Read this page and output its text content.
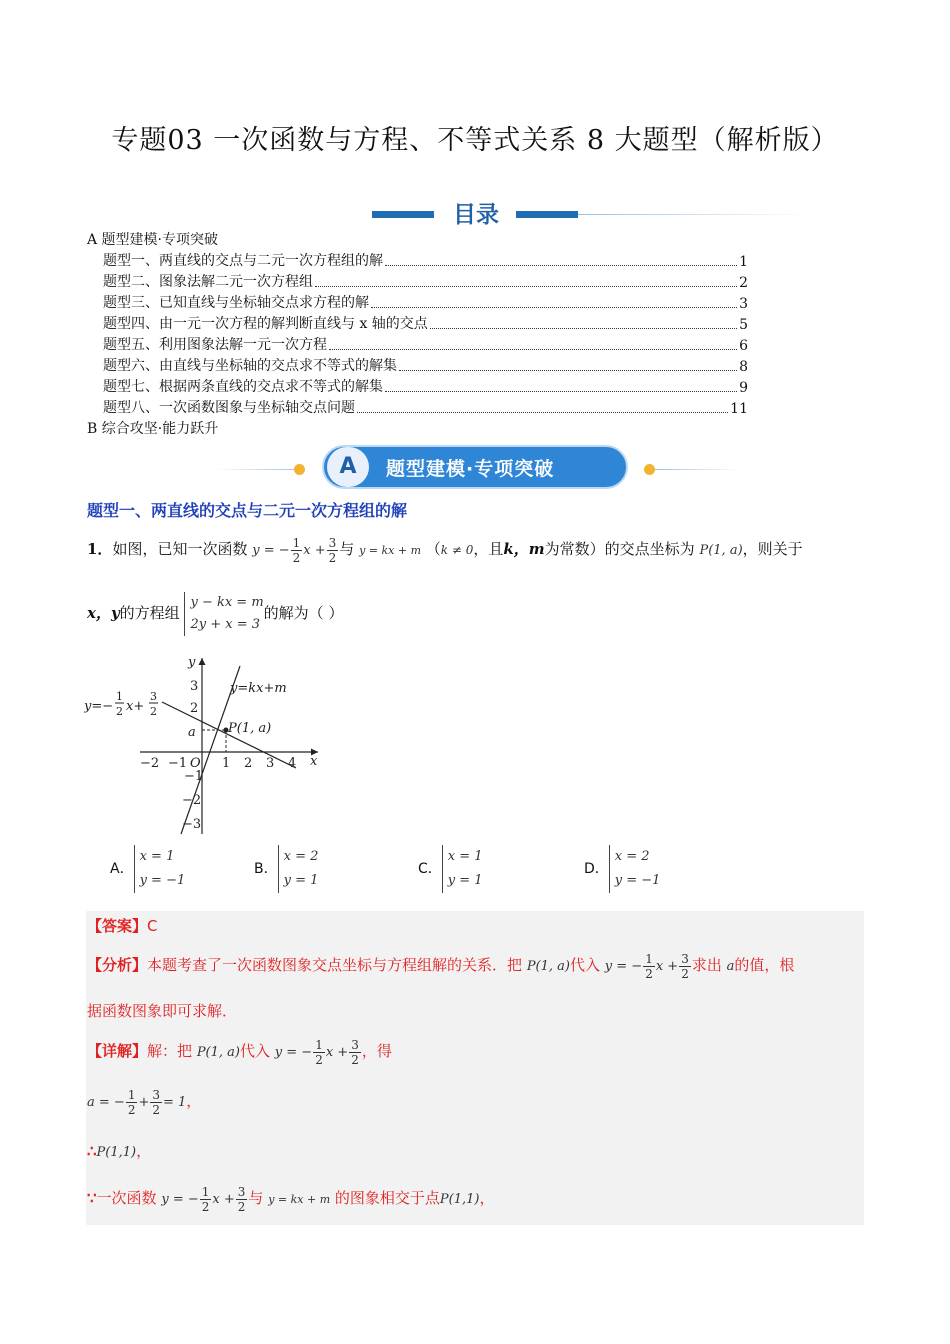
专题03 一次函数与方程、不等式关系 8 大题型（解析版）
目录
A 题型建模·专项突破
题型一、两直线的交点与二元一次方程组的解	1
题型二、图象法解二元一次方程组	2
题型三、已知直线与坐标轴交点求方程的解	3
题型四、由一元一次方程的解判断直线与 x 轴的交点	5
题型五、利用图象法解一元一次方程	6
题型六、由直线与坐标轴的交点求不等式的解集	8
题型七、根据两条直线的交点求不等式的解集	9
题型八、一次函数图象与坐标轴交点问题	11
B 综合攻坚·能力跃升
A	题型建模·专项突破
题型一、两直线的交点与二元一次方程组的解
1．如图，已知一次函数 y = − $\frac{1}{2}$ $x + \frac{3}{2}$ 与 y = kx + m （k ≠ 0，且k，m为常数）的交点坐标为 P(1, a)，则关于
x，y的方程组 y − kx = m
2y + x = 3的解为（ ）
y
x
O
−2 −1	1 2 3 4
3
2
a
−1
−2
−3
P(1, a)
y=kx+m
y=−
1
2 x+
3
2
A．x = 1
y = −1
B．x = 2
y = 1
C．x = 1
y = 1
D．x = 2
y = −1
【答案】C
【分析】本题考查了一次函数图象交点坐标与方程组解的关系．把 P(1, a)代入 y = − $\frac{1}{2}$ $x + \frac{3}{2}$ 求出 a的值，根
据函数图象即可求解．
【详解】解：把 P(1, a)代入 y = − $\frac{1}{2}$ $x + \frac{3}{2}$ ，得
a = − $\frac{1}{2} + \frac{3}{2} = 1$，
∴P(1,1)，
∵一次函数 y = − $\frac{1}{2}$ $x + \frac{3}{2}$ 与 y = kx + m 的图象相交于点P(1,1)，
